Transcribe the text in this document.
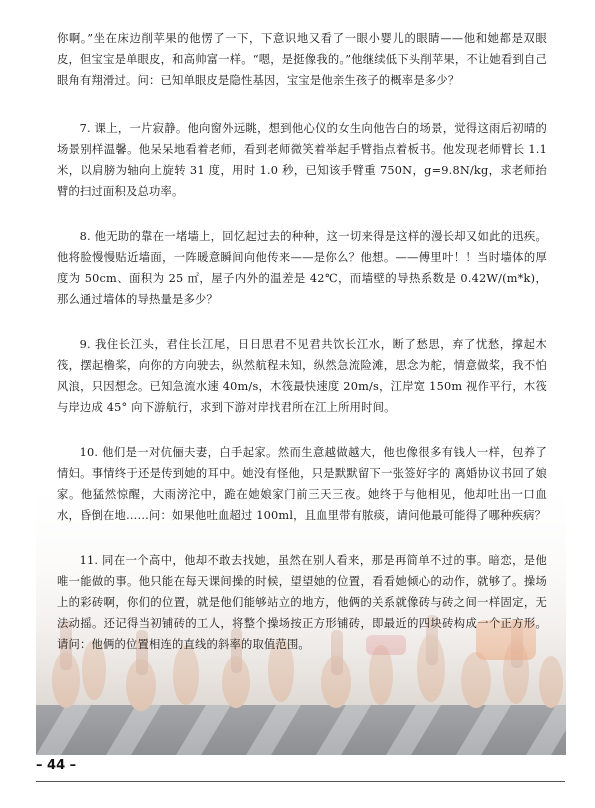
你啊。”坐在床边削苹果的他愣了一下，下意识地又看了一眼小婴儿的眼睛——他和她都是双眼皮，但宝宝是单眼皮，和高帅富一样。“嗯，是挺像我的。”他继续低下头削苹果，不让她看到自己眼角有翔滑过。问：已知单眼皮是隐性基因，宝宝是他亲生孩子的概率是多少？

7. 课上，一片寂静。他向窗外远眺，想到他心仪的女生向他告白的场景，觉得这雨后初晴的场景别样温馨。他呆呆地看着老师，看到老师微笑着举起手臂指点着板书。他发现老师臂长 1.1 米，以肩膀为轴向上旋转 31 度，用时 1.0 秒，已知该手臂重 750N，g=9.8N/kg，求老师抬臂的扫过面积及总功率。

8. 他无助的靠在一堵墙上，回忆起过去的种种，这一切来得是这样的漫长却又如此的迅疾。他将脸慢慢贴近墙面，一阵暖意瞬间向他传来——是你么？他想。——傅里叶！！当时墙体的厚度为 50cm、面积为 25 ㎡，屋子内外的温差是 42℃，而墙壁的导热系数是 0.42W/(m*k)，那么通过墙体的导热量是多少？

9. 我住长江头，君住长江尾，日日思君不见君共饮长江水，断了愁思，弃了忧愁，撑起木筏，摆起橹桨，向你的方向驶去，纵然航程未知，纵然急流险滩，思念为舵，情意做桨，我不怕风浪，只因想念。已知急流水速 40m/s，木筏最快速度 20m/s，江岸宽 150m 视作平行，木筏与岸边成 45° 向下游航行，求到下游对岸找君所在江上所用时间。

10. 他们是一对伉俪夫妻，白手起家。然而生意越做越大，他也像很多有钱人一样，包养了情妇。事情终于还是传到她的耳中。她没有怪他，只是默默留下一张签好字的 离婚协议书回了娘家。他猛然惊醒，大雨滂沱中，跪在她娘家门前三天三夜。她终于与他相见，他却吐出一口血水，昏倒在地……问：如果他吐血超过 100ml，且血里带有脓痰，请问他最可能得了哪种疾病？

11. 同在一个高中，他却不敢去找她，虽然在别人看来，那是再简单不过的事。暗恋，是他唯一能做的事。他只能在每天课间操的时候，望望她的位置，看看她倾心的动作，就够了。操场上的彩砖啊，你们的位置，就是他们能够站立的地方，他俩的关系就像砖与砖之间一样固定，无法动摇。还记得当初铺砖的工人，将整个操场按正方形铺砖，即最近的四块砖构成一个正方形。请问：他俩的位置相连的直线的斜率的取值范围。

– 44 –
